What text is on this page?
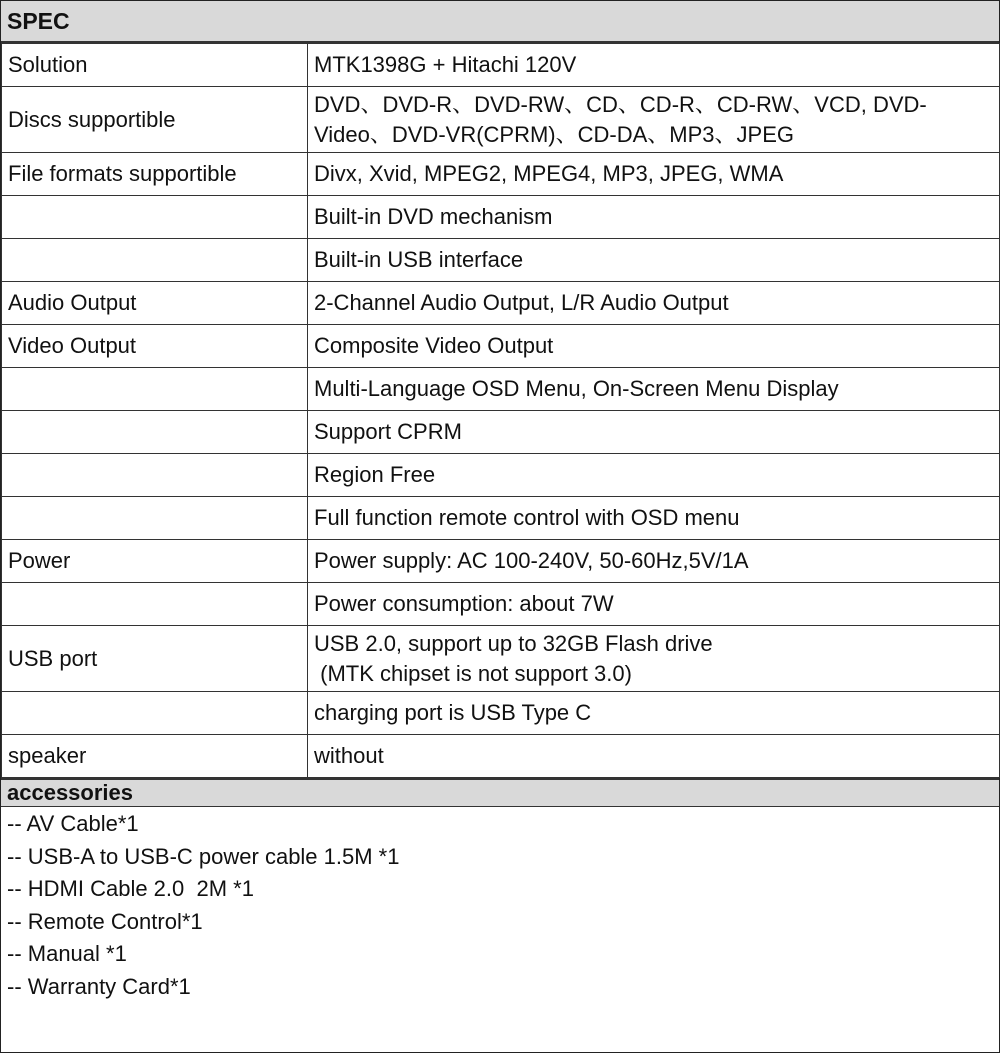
SPEC
Solution	MTK1398G + Hitachi 120V
Discs supportible	DVD、DVD-R、DVD-RW、CD、CD-R、CD-RW、VCD, DVD-Video、DVD-VR(CPRM)、CD-DA、MP3、JPEG
File formats supportible	Divx, Xvid, MPEG2, MPEG4, MP3, JPEG, WMA
	Built-in DVD mechanism
	Built-in USB interface
Audio Output	2-Channel Audio Output, L/R Audio Output
Video Output	Composite Video Output
	Multi-Language OSD Menu, On-Screen Menu Display
	Support CPRM
	Region Free
	Full function remote control with OSD menu
Power	Power supply: AC 100-240V, 50-60Hz,5V/1A
	Power consumption: about 7W
USB port	USB 2.0, support up to 32GB Flash drive
(MTK chipset is not support 3.0)
	charging port is USB Type C
speaker	without
accessories
-- AV Cable*1
-- USB-A to USB-C power cable 1.5M *1
-- HDMI Cable 2.0  2M *1
-- Remote Control*1
-- Manual *1
-- Warranty Card*1
